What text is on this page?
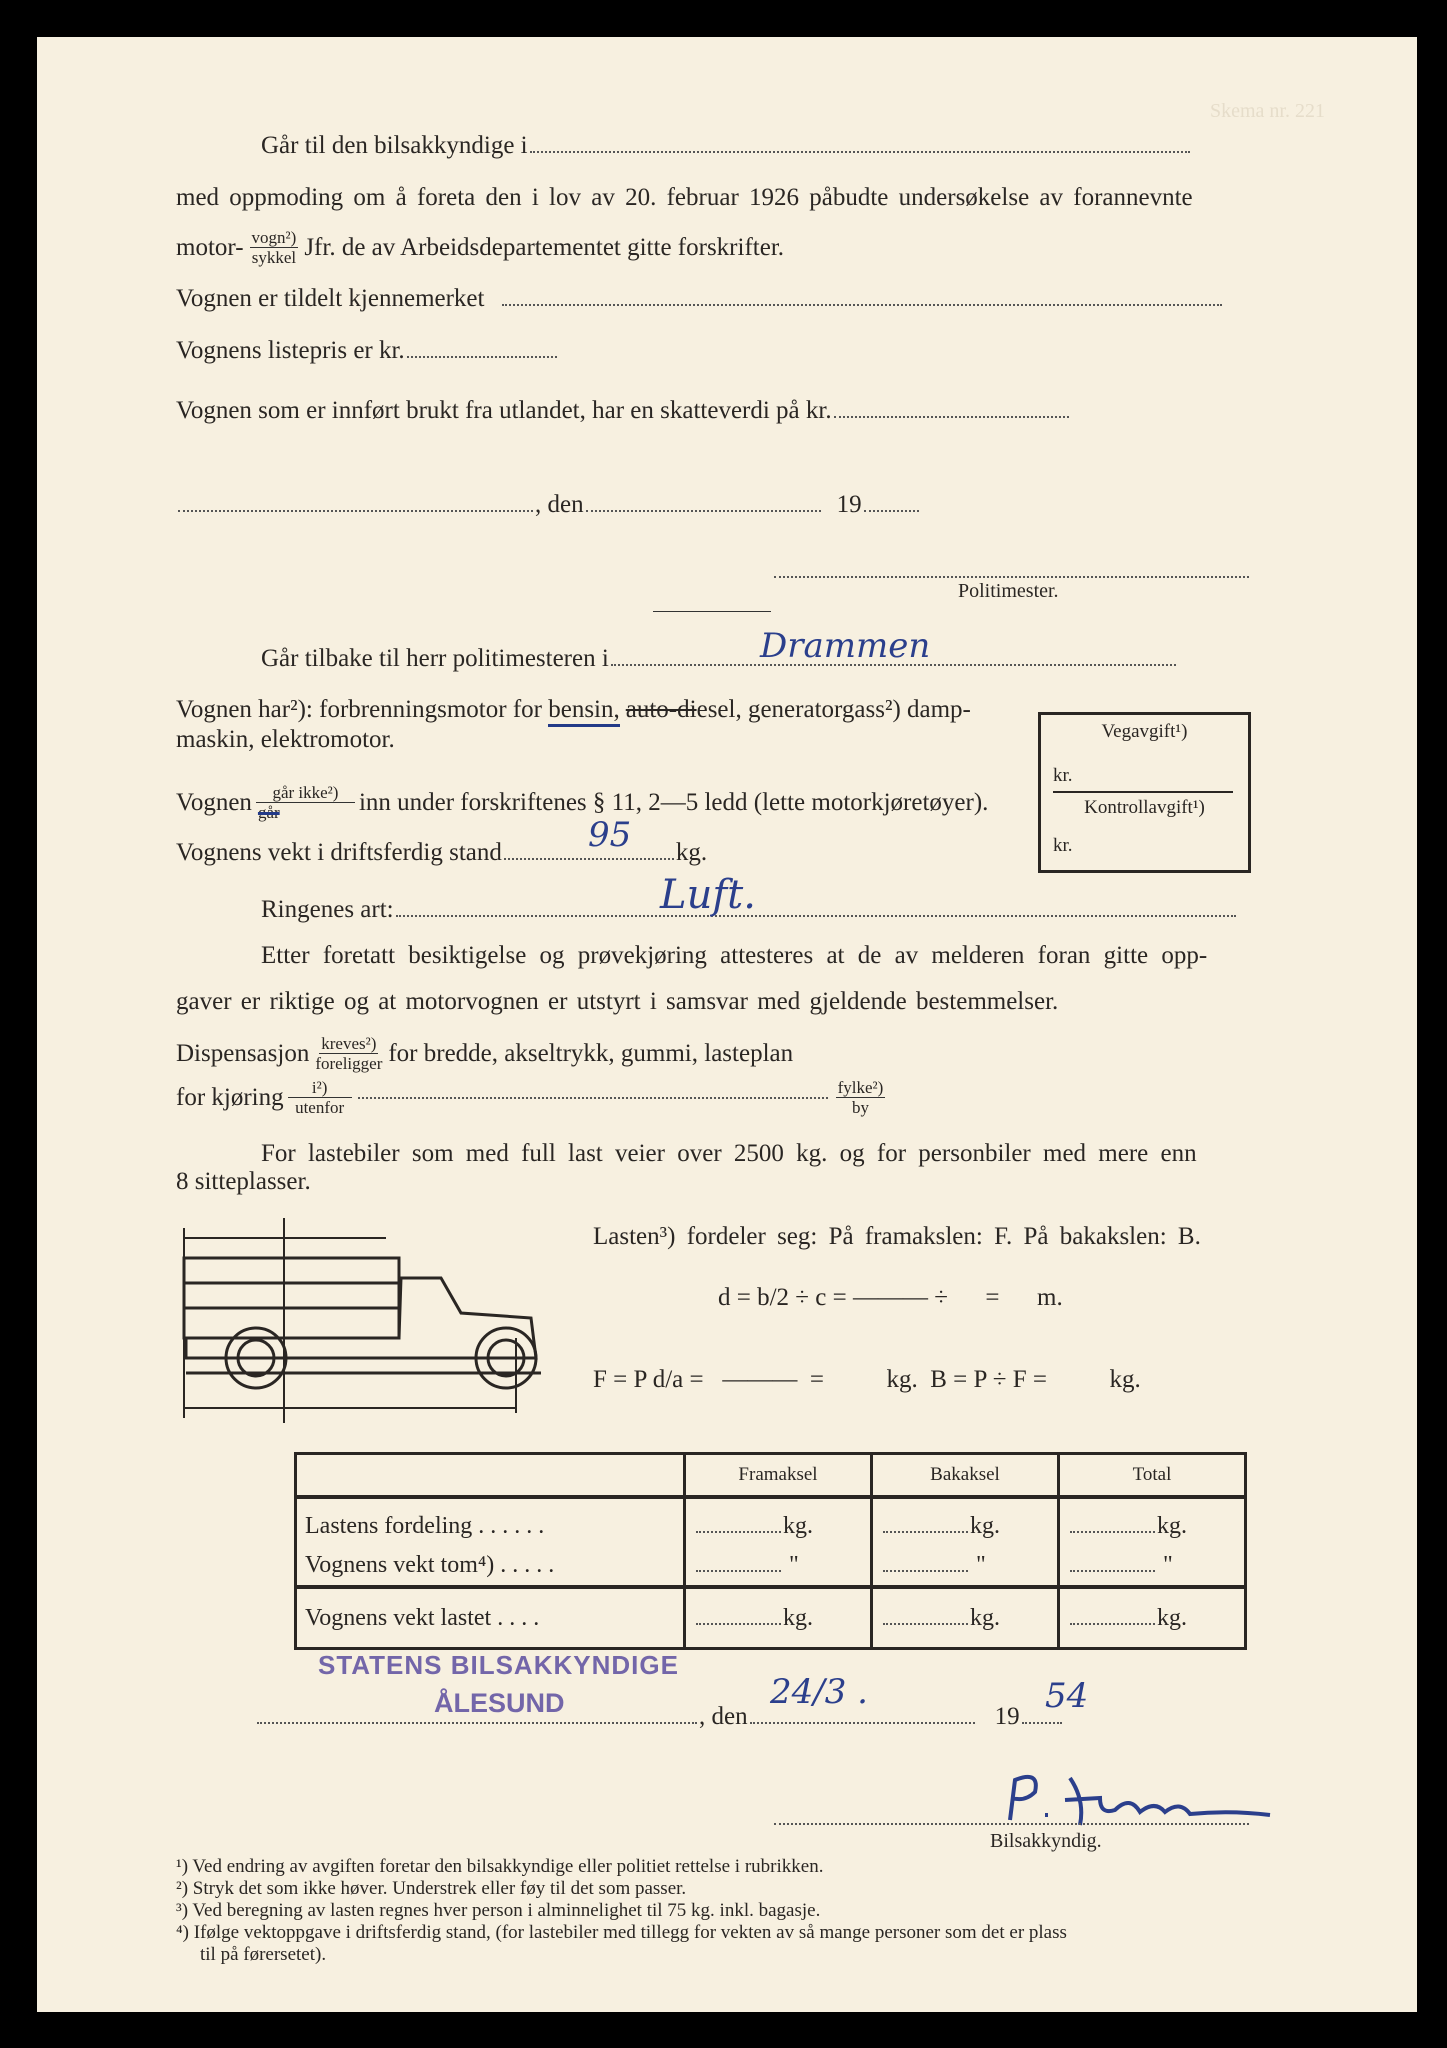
Skema nr. 221
Går til den bilsakkyndige i
med oppmoding om å foreta den i lov av 20. februar 1926 påbudte undersøkelse av forannevnte
motor- $\frac{\text{vogn²)}}{\text{sykkel}}$ Jfr. de av Arbeidsdepartementet gitte forskrifter.
Vognen er tildelt kjennemerket
Vognens listepris er kr.
Vognen som er innført brukt fra utlandet, har en skatteverdi på kr.
, den	19
Politimester.
Går tilbake til herr politimesteren i	Drammen
Vognen har²): forbrenningsmotor for bensin, auto-di esel, generatorgass²) damp-
maskin, elektromotor.
Vognen $\frac{\text{går ikke²)}}{\text{går}}$ inn under forskriftenes § 11, 2—5 ledd (lette motorkjøretøyer).
Vognens vekt i driftsferdig stand	kg.
95
Ringenes art:	Luft.
Etter foretatt besiktigelse og prøvekjøring attesteres at de av melderen foran gitte opp-
gaver er riktige og at motorvognen er utstyrt i samsvar med gjeldende bestemmelser.
Dispensasjon $\frac{\text{kreves²)}}{\text{foreligger}}$ for bredde, akseltrykk, gummi, lasteplan
for kjøring $\frac{\text{i²)}}{\text{utenfor}}$	$\frac{\text{fylke²)}}{by}$
For lastebiler som med full last veier over 2500 kg. og for personbiler med mere enn
8 sitteplasser.
Lasten³) fordeler seg: På framakslen: F. På bakakslen: B.
d = b/2 ÷ c = ——— ÷      =      m.
F = P d/a =   ———  =          kg.  B = P ÷ F =          kg.
Vegavgift¹)
kr.
Kontrollavgift¹)
kr.
	Framaksel	Bakaksel	Total
Lastens fordeling . . . . . .	kg.	kg.	kg.
Vognens vekt tom⁴) . . . . .	"	"	"
Vognens vekt lastet . . . .	kg.	kg.	kg.
STATENS BILSAKKYNDIGE
ÅLESUND	, den	19
24/3 .	54
Bilsakkyndig.
¹) Ved endring av avgiften foretar den bilsakkyndige eller politiet rettelse i rubrikken.
²) Stryk det som ikke høver. Understrek eller føy til det som passer.
³) Ved beregning av lasten regnes hver person i alminnelighet til 75 kg. inkl. bagasje.
⁴) Ifølge vektoppgave i driftsferdig stand, (for lastebiler med tillegg for vekten av så mange personer som det er plass
til på førersetet).
